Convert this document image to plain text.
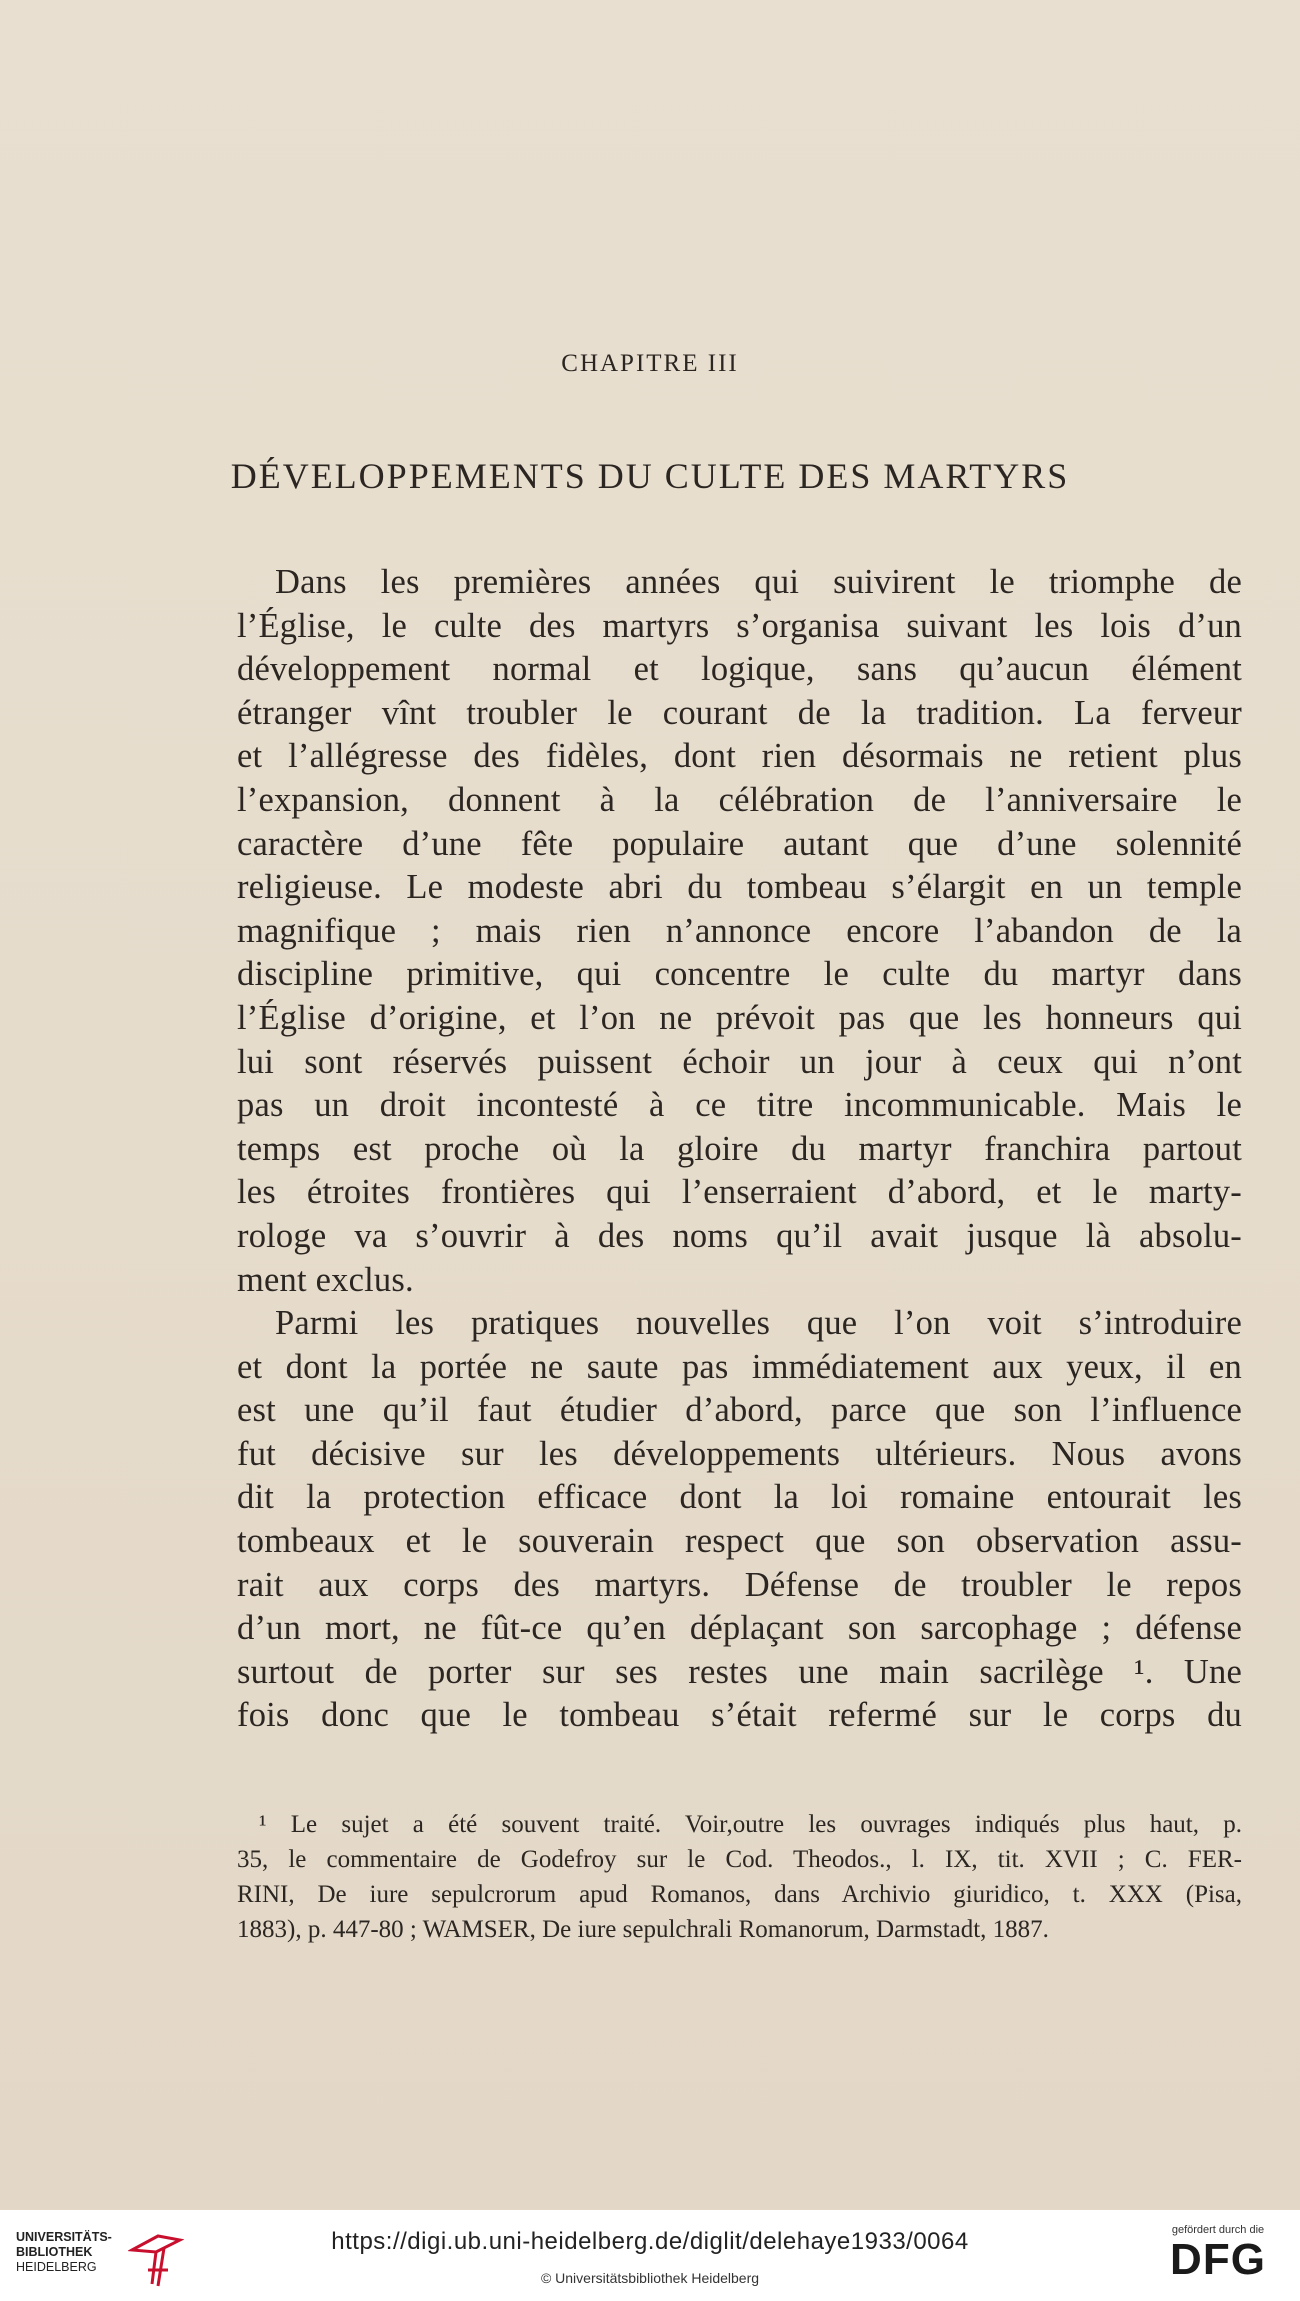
CHAPITRE III
DÉVELOPPEMENTS DU CULTE DES MARTYRS
Dans les premières années qui suivirent le triomphe de
l’Église, le culte des martyrs s’organisa suivant les lois d’un
développement normal et logique, sans qu’aucun élément
étranger vînt troubler le courant de la tradition. La ferveur
et l’allégresse des fidèles, dont rien désormais ne retient plus
l’expansion, donnent à la célébration de l’anniversaire le
caractère d’une fête populaire autant que d’une solennité
religieuse. Le modeste abri du tombeau s’élargit en un temple
magnifique ; mais rien n’annonce encore l’abandon de la
discipline primitive, qui concentre le culte du martyr dans
l’Église d’origine, et l’on ne prévoit pas que les honneurs qui
lui sont réservés puissent échoir un jour à ceux qui n’ont
pas un droit incontesté à ce titre incommunicable. Mais le
temps est proche où la gloire du martyr franchira partout
les étroites frontières qui l’enserraient d’abord, et le marty-
rologe va s’ouvrir à des noms qu’il avait jusque là absolu-
ment exclus.
Parmi les pratiques nouvelles que l’on voit s’introduire
et dont la portée ne saute pas immédiatement aux yeux, il en
est une qu’il faut étudier d’abord, parce que son l’influence
fut décisive sur les développements ultérieurs. Nous avons
dit la protection efficace dont la loi romaine entourait les
tombeaux et le souverain respect que son observation assu-
rait aux corps des martyrs. Défense de troubler le repos
d’un mort, ne fût-ce qu’en déplaçant son sarcophage ; défense
surtout de porter sur ses restes une main sacrilège ¹. Une
fois donc que le tombeau s’était refermé sur le corps du
¹ Le sujet a été souvent traité. Voir,outre les ouvrages indiqués plus haut, p.
35, le commentaire de Godefroy sur le Cod. Theodos., l. IX, tit. XVII ; C. FER-
RINI, De iure sepulcrorum apud Romanos, dans Archivio giuridico, t. XXX (Pisa,
1883), p. 447-80 ; WAMSER, De iure sepulchrali Romanorum, Darmstadt, 1887.
UNIVERSITÄTS-
BIBLIOTHEK
HEIDELBERG
https://digi.ub.uni-heidelberg.de/diglit/delehaye1933/0064
© Universitätsbibliothek Heidelberg
gefördert durch die
DFG
